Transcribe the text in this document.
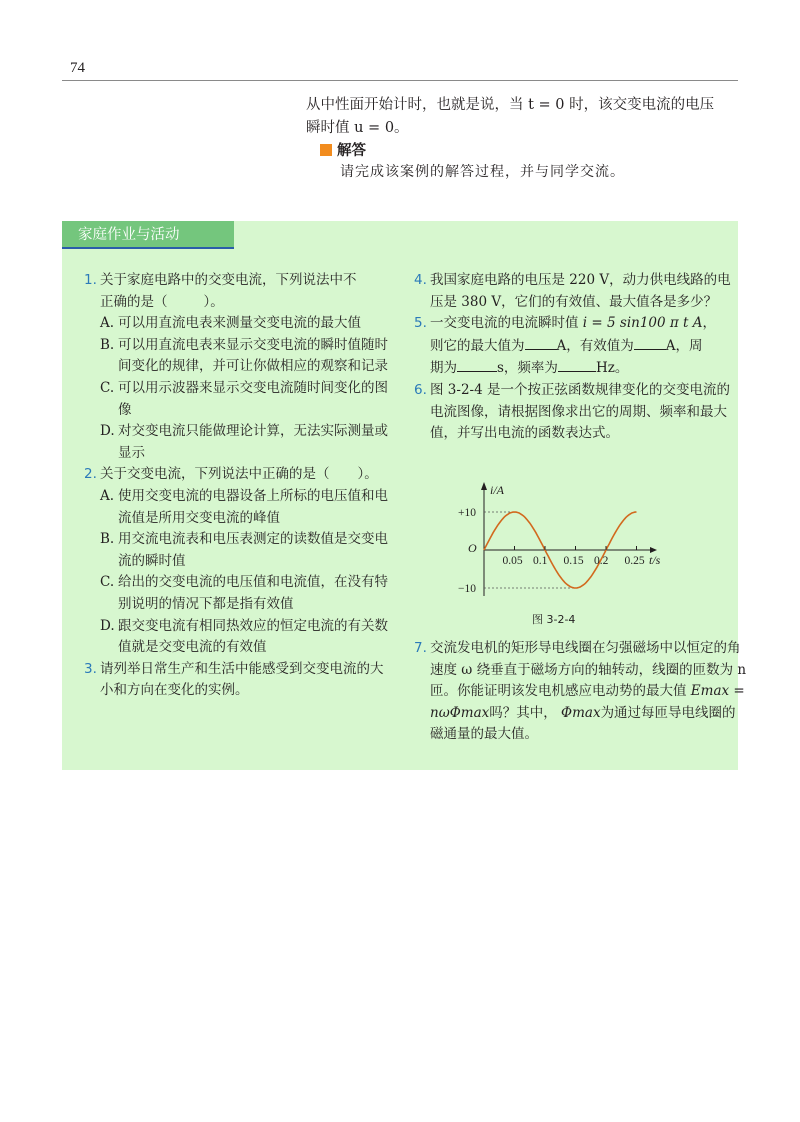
74
从中性面开始计时，也就是说，当 t = 0 时，该交变电流的电压
瞬时值 u = 0。
解答
请完成该案例的解答过程，并与同学交流。
家庭作业与活动
1. 关于家庭电路中的交变电流，下列说法中不
正确的是（	）。
A. 可以用直流电表来测量交变电流的最大值
B. 可以用直流电表来显示交变电流的瞬时值随时间变化的规律，并可让你做相应的观察和记录
C. 可以用示波器来显示交变电流随时间变化的图像
D. 对交变电流只能做理论计算，无法实际测量或显示
2. 关于交变电流，下列说法中正确的是（ ）。
A. 使用交变电流的电器设备上所标的电压值和电流值是所用交变电流的峰值
B. 用交流电流表和电压表测定的读数值是交变电流的瞬时值
C. 给出的交变电流的电压值和电流值，在没有特别说明的情况下都是指有效值
D. 跟交变电流有相同热效应的恒定电流的有关数值就是交变电流的有效值
3. 请列举日常生产和生活中能感受到交变电流的大小和方向在变化的实例。
4. 我国家庭电路的电压是 220 V，动力供电线路的电压是 380 V，它们的有效值、最大值各是多少？
5. 一交变电流的电流瞬时值 i = 5 sin100 π t A，
则它的最大值为 A，有效值为 A，周
期为	s，频率为	Hz。
6. 图 3-2-4 是一个按正弦函数规律变化的交变电流的电流图像，请根据图像求出它的周期、频率和最大值，并写出电流的函数表达式。
0.05 0.1 0.15 0.2 0.25
+10
−10
O
i/A
t/s
图 3-2-4
7. 交流发电机的矩形导电线圈在匀强磁场中以恒定的角速度 ω 绕垂直于磁场方向的轴转动，线圈的匝数为 n 匝。你能证明该发电机感应电动势的最大值 Emax = nωΦmax吗？其中， Φmax为通过每匝导电线圈的磁通量的最大值。
